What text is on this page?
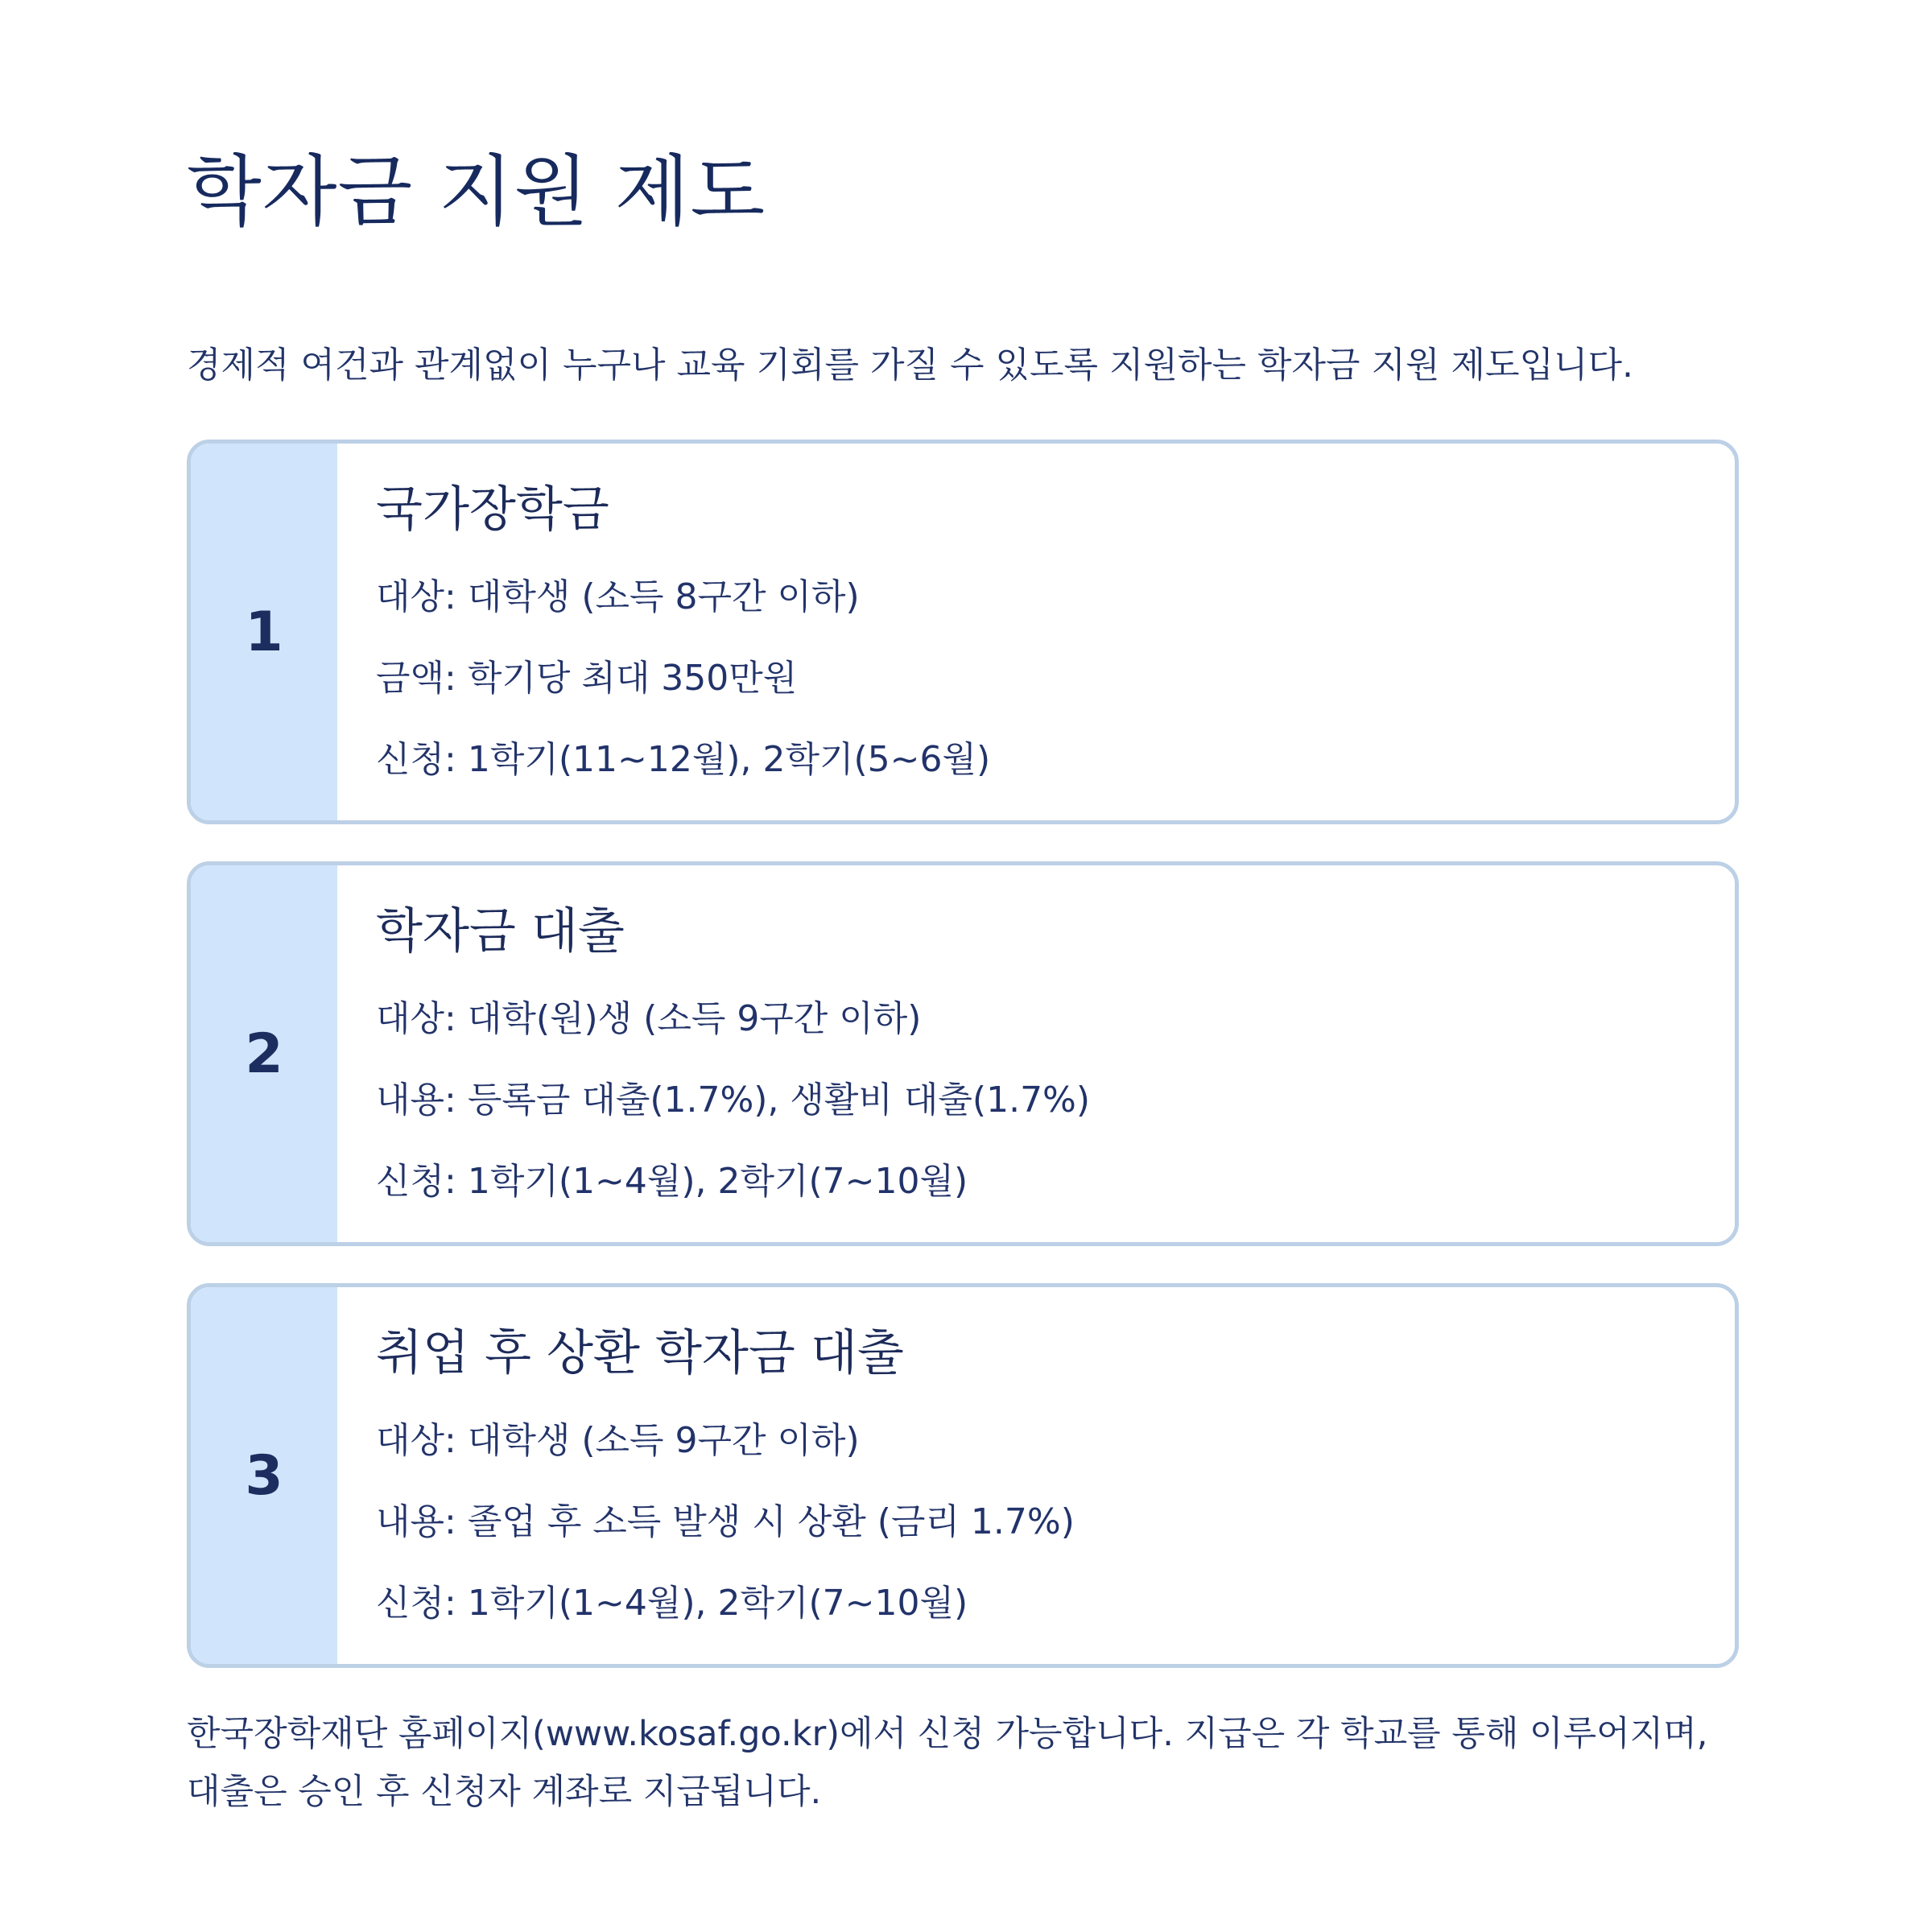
학자금 지원 제도

경제적 여건과 관계없이 누구나 교육 기회를 가질 수 있도록 지원하는 학자금 지원 제도입니다.

1
국가장학금
대상: 대학생 (소득 8구간 이하)
금액: 학기당 최대 350만원
신청: 1학기(11~12월), 2학기(5~6월)
2
학자금 대출
대상: 대학(원)생 (소득 9구간 이하)
내용: 등록금 대출(1.7%), 생활비 대출(1.7%)
신청: 1학기(1~4월), 2학기(7~10월)
3
취업 후 상환 학자금 대출
대상: 대학생 (소득 9구간 이하)
내용: 졸업 후 소득 발생 시 상환 (금리 1.7%)
신청: 1학기(1~4월), 2학기(7~10월)

한국장학재단 홈페이지(www.kosaf.go.kr)에서 신청 가능합니다. 지급은 각 학교를 통해 이루어지며, 대출은 승인 후 신청자 계좌로 지급됩니다.
